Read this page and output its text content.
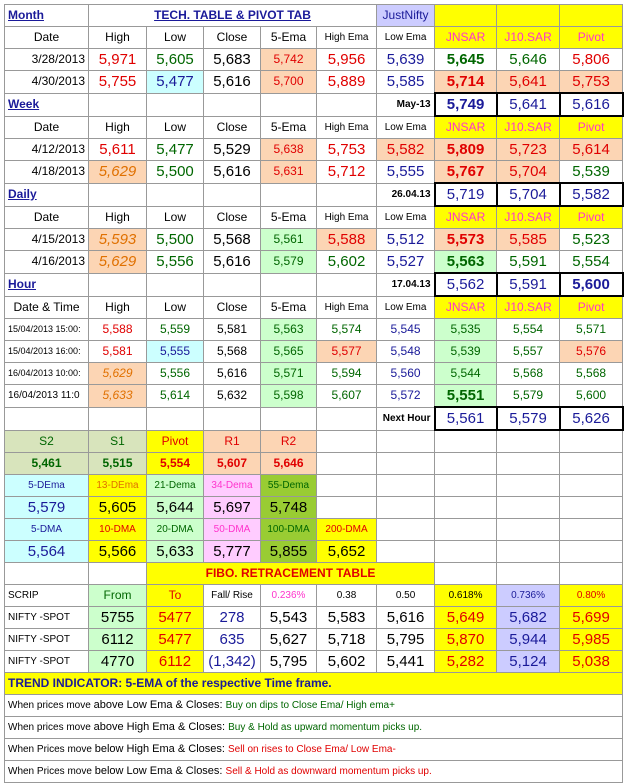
Month	TECH. TABLE & PIVOT TAB					JustNifty			
Date	High	Low	Close	5-Ema	High Ema	Low Ema	JNSAR	J10.SAR	Pivot
3/28/2013	5,971	5,605	5,683	5,742	5,956	5,639	5,645	5,646	5,806
4/30/2013	5,755	5,477	5,616	5,700	5,889	5,585	5,714	5,641	5,753
Week						May-13	5,749	5,641	5,616
Date	High	Low	Close	5-Ema	High Ema	Low Ema	JNSAR	J10.SAR	Pivot
4/12/2013	5,611	5,477	5,529	5,638	5,753	5,582	5,809	5,723	5,614
4/18/2013	5,629	5,500	5,616	5,631	5,712	5,555	5,767	5,704	5,539
Daily						26.04.13	5,719	5,704	5,582
Date	High	Low	Close	5-Ema	High Ema	Low Ema	JNSAR	J10.SAR	Pivot
4/15/2013	5,593	5,500	5,568	5,561	5,588	5,512	5,573	5,585	5,523
4/16/2013	5,629	5,556	5,616	5,579	5,602	5,527	5,563	5,591	5,554
Hour						17.04.13	5,562	5,591	5,600
Date & Time	High	Low	Close	5-Ema	High Ema	Low Ema	JNSAR	J10.SAR	Pivot
15/04/2013 15:00:	5,588	5,559	5,581	5,563	5,574	5,545	5,535	5,554	5,571
15/04/2013 16:00:	5,581	5,555	5,568	5,565	5,577	5,548	5,539	5,557	5,576
16/04/2013 10:00:	5,629	5,556	5,616	5,571	5,594	5,560	5,544	5,568	5,568
16/04/2013 11:0	5,633	5,614	5,632	5,598	5,607	5,572	5,551	5,579	5,600
						Next Hour	5,561	5,579	5,626
S2	S1	Pivot	R1	R2					
5,461	5,515	5,554	5,607	5,646					
5-DEma	13-DEma	21-Dema	34-Dema	55-Dema					
5,579	5,605	5,644	5,697	5,748					
5-DMA	10-DMA	20-DMA	50-DMA	100-DMA	200-DMA				
5,564	5,566	5,633	5,777	5,855	5,652				
		FIBO. RETRACEMENT TABLE							
SCRIP	From	To	Fall/ Rise	0.236%	0.38	0.50	0.618%	0.736%	0.80%
NIFTY -SPOT	5755	5477	278	5,543	5,583	5,616	5,649	5,682	5,699
NIFTY -SPOT	6112	5477	635	5,627	5,718	5,795	5,870	5,944	5,985
NIFTY -SPOT	4770	6112	(1,342)	5,795	5,602	5,441	5,282	5,124	5,038
TREND INDICATOR: 5-EMA of the respective Time frame.									
When prices move above Low Ema & Closes: Buy on dips to Close Ema/ High ema+									
When prices move above High Ema & Closes: Buy & Hold as upward momentum picks up.									
When Prices move below High Ema & Closes: Sell on rises to Close Ema/ Low Ema-									
When Prices move below Low Ema & Closes: Sell & Hold as downward momentum picks up.									
